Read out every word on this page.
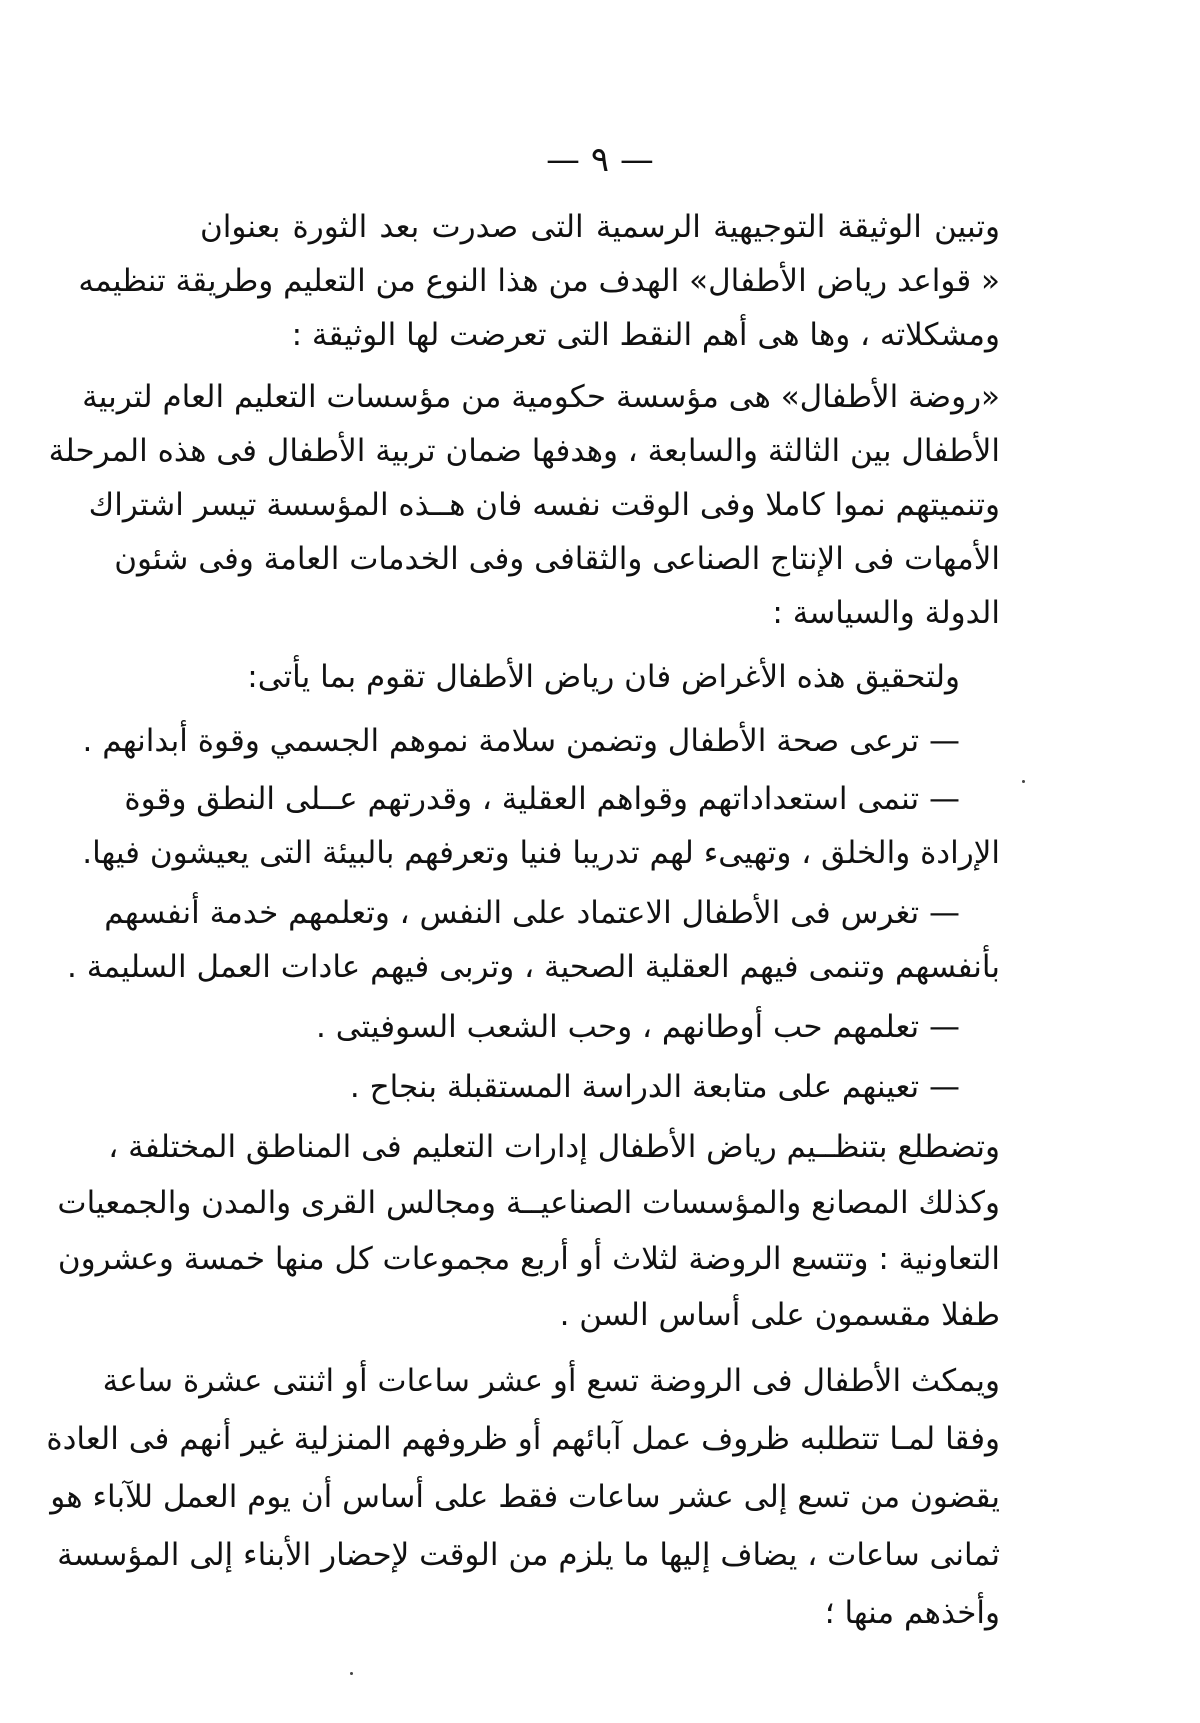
— ٩ —
وتبين الوثيقة التوجيهية الرسمية التى صدرت بعد الثورة بعنوان
« قواعد رياض الأطفال» الهدف من هذا النوع من التعليم وطريقة تنظيمه
ومشكلاته ، وها هى أهم النقط التى تعرضت لها الوثيقة :
«روضة الأطفال» هى مؤسسة حكومية من مؤسسات التعليم العام لتربية
الأطفال بين الثالثة والسابعة ، وهدفها ضمان تربية الأطفال فى هذه المرحلة
وتنميتهم نموا كاملا وفى الوقت نفسه فان هــذه المؤسسة تيسر اشتراك
الأمهات فى الإنتاج الصناعى والثقافى وفى الخدمات العامة وفى شئون
الدولة والسياسة :
ولتحقيق هذه الأغراض فان رياض الأطفال تقوم بما يأتى:
— ترعى صحة الأطفال وتضمن سلامة نموهم الجسمي وقوة أبدانهم .
— تنمى استعداداتهم وقواهم العقلية ، وقدرتهم عــلى النطق وقوة
الإرادة والخلق ، وتهيىء لهم تدريبا فنيا وتعرفهم بالبيئة التى يعيشون فيها.
— تغرس فى الأطفال الاعتماد على النفس ، وتعلمهم خدمة أنفسهم
بأنفسهم وتنمى فيهم العقلية الصحية ، وتربى فيهم عادات العمل السليمة .
— تعلمهم حب أوطانهم ، وحب الشعب السوفيتى .
— تعينهم على متابعة الدراسة المستقبلة بنجاح .
وتضطلع بتنظــيم رياض الأطفال إدارات التعليم فى المناطق المختلفة ،
وكذلك المصانع والمؤسسات الصناعيــة ومجالس القرى والمدن والجمعيات
التعاونية : وتتسع الروضة لثلاث أو أربع مجموعات كل منها خمسة وعشرون
طفلا مقسمون على أساس السن .
ويمكث الأطفال فى الروضة تسع أو عشر ساعات أو اثنتى عشرة ساعة
وفقا لمـا تتطلبه ظروف عمل آبائهم أو ظروفهم المنزلية غير أنهم فى العادة
يقضون من تسع إلى عشر ساعات فقط على أساس أن يوم العمل للآباء هو
ثمانى ساعات ، يضاف إليها ما يلزم من الوقت لإحضار الأبناء إلى المؤسسة
وأخذهم منها ؛
